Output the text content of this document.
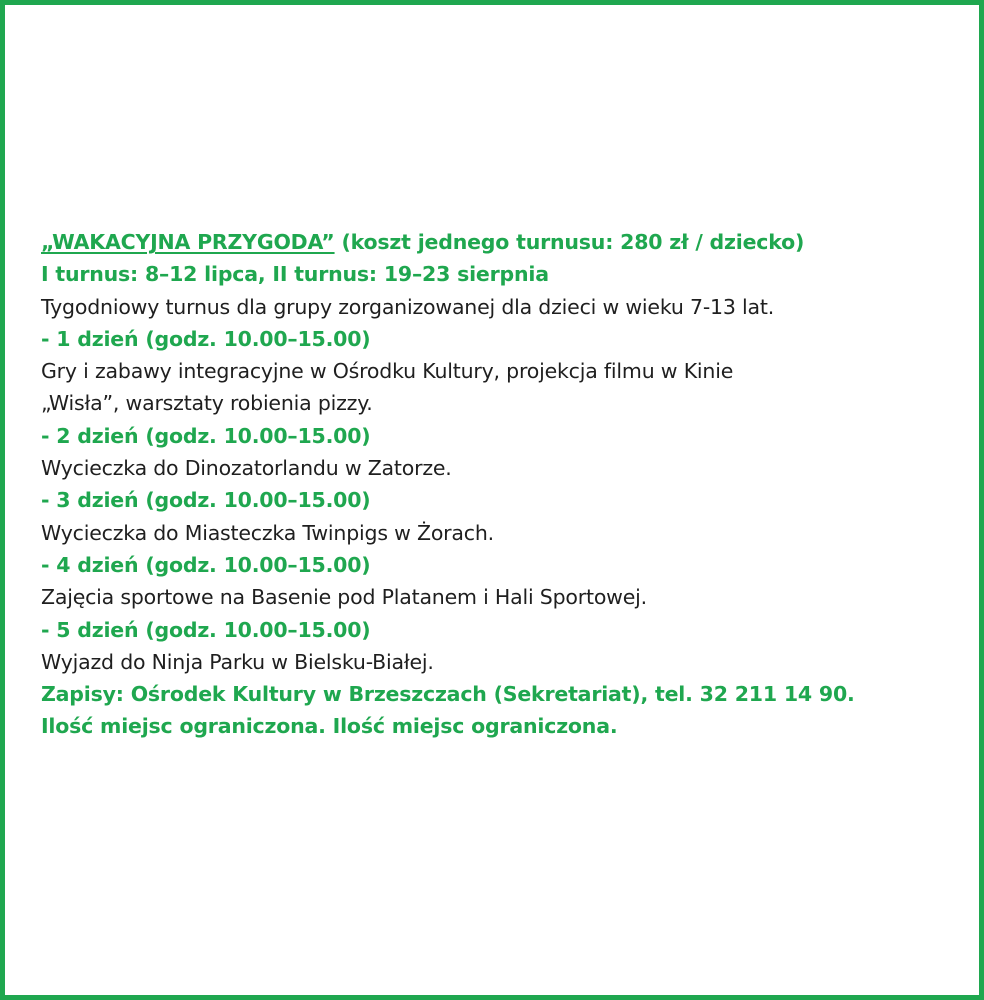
„WAKACYJNA PRZYGODA” (koszt jednego turnusu: 280 zł / dziecko)
I turnus: 8–12 lipca, II turnus: 19–23 sierpnia
Tygodniowy turnus dla grupy zorganizowanej dla dzieci w wieku 7-13 lat.
- 1 dzień (godz. 10.00–15.00)
Gry i zabawy integracyjne w Ośrodku Kultury, projekcja filmu w Kinie
„Wisła”, warsztaty robienia pizzy.
- 2 dzień (godz. 10.00–15.00)
Wycieczka do Dinozatorlandu w Zatorze.
- 3 dzień (godz. 10.00–15.00)
Wycieczka do Miasteczka Twinpigs w Żorach.
- 4 dzień (godz. 10.00–15.00)
Zajęcia sportowe na Basenie pod Platanem i Hali Sportowej.
- 5 dzień (godz. 10.00–15.00)
Wyjazd do Ninja Parku w Bielsku-Białej.
Zapisy: Ośrodek Kultury w Brzeszczach (Sekretariat), tel. 32 211 14 90.
Ilość miejsc ograniczona. Ilość miejsc ograniczona.
